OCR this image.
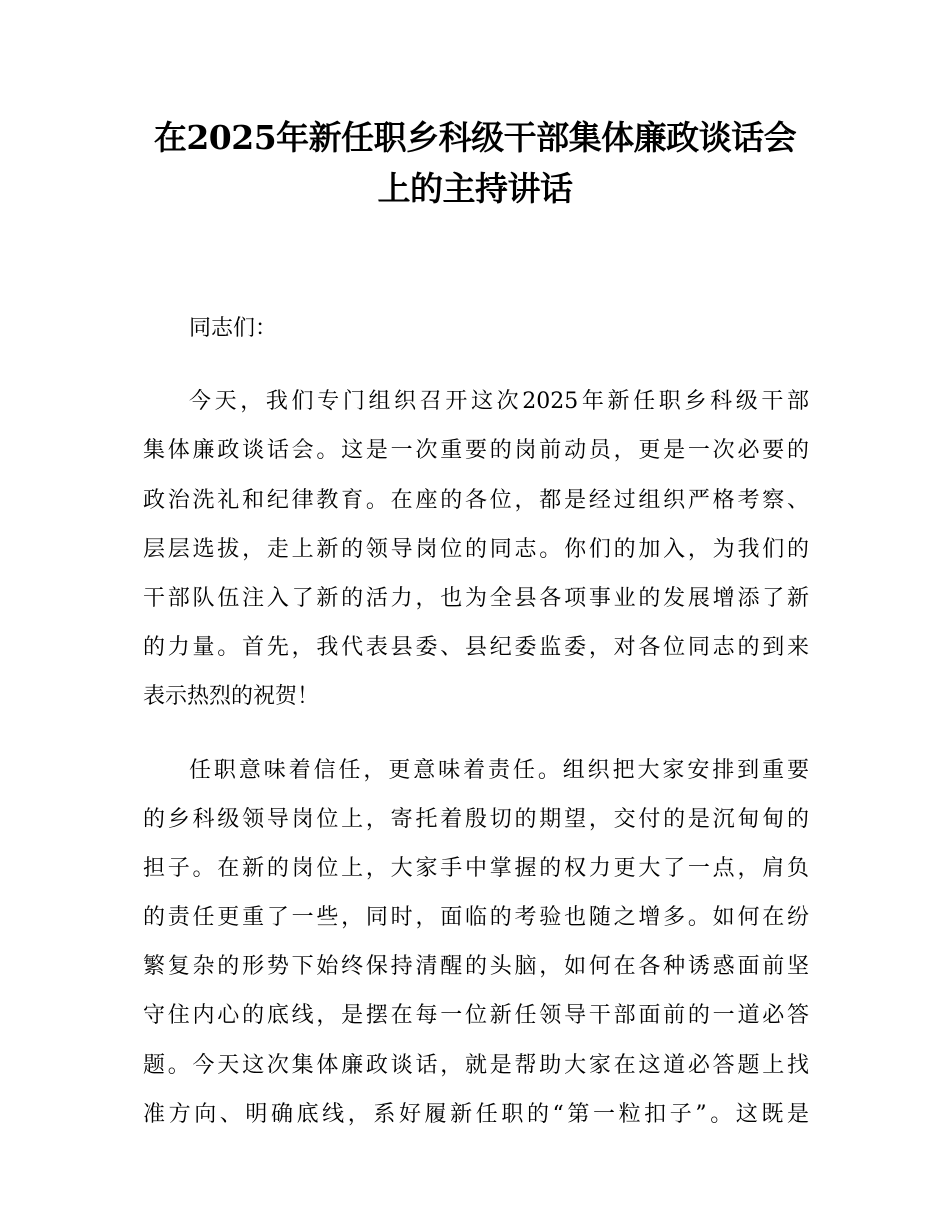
在2025年新任职乡科级干部集体廉政谈话会
上的主持讲话
同志们：
今天，我们专门组织召开这次2025年新任职乡科级干部
集体廉政谈话会。这是一次重要的岗前动员，更是一次必要的
政治洗礼和纪律教育。在座的各位，都是经过组织严格考察、
层层选拔，走上新的领导岗位的同志。你们的加入，为我们的
干部队伍注入了新的活力，也为全县各项事业的发展增添了新
的力量。首先，我代表县委、县纪委监委，对各位同志的到来
表示热烈的祝贺！
任职意味着信任，更意味着责任。组织把大家安排到重要
的乡科级领导岗位上，寄托着殷切的期望，交付的是沉甸甸的
担子。在新的岗位上，大家手中掌握的权力更大了一点，肩负
的责任更重了一些，同时，面临的考验也随之增多。如何在纷
繁复杂的形势下始终保持清醒的头脑，如何在各种诱惑面前坚
守住内心的底线，是摆在每一位新任领导干部面前的一道必答
题。今天这次集体廉政谈话，就是帮助大家在这道必答题上找
准方向、明确底线，系好履新任职的“第一粒扣子”。这既是
